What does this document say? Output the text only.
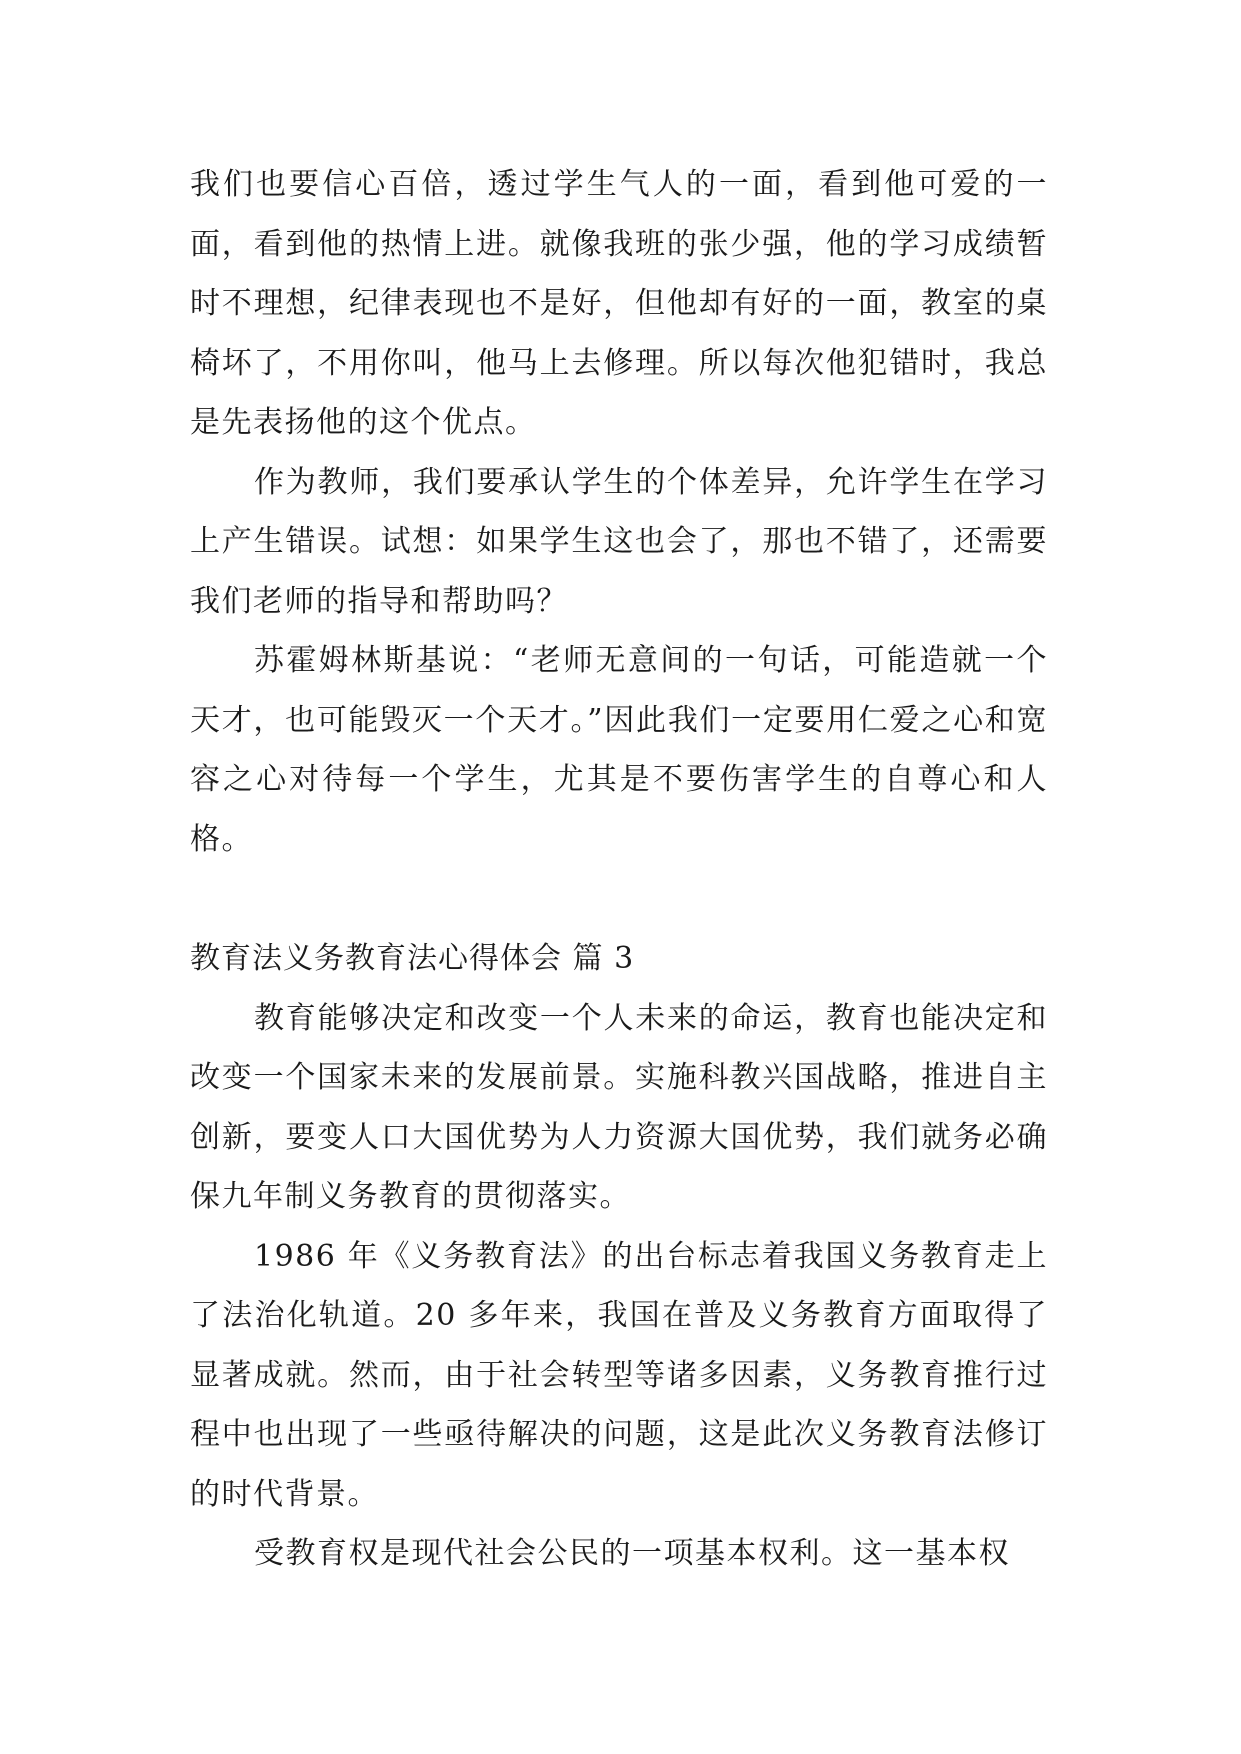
我们也要信心百倍，透过学生气人的一面，看到他可爱的一面，看到他的热情上进。就像我班的张少强，他的学习成绩暂时不理想，纪律表现也不是好，但他却有好的一面，教室的桌椅坏了，不用你叫，他马上去修理。所以每次他犯错时，我总是先表扬他的这个优点。

作为教师，我们要承认学生的个体差异，允许学生在学习上产生错误。试想：如果学生这也会了，那也不错了，还需要我们老师的指导和帮助吗？

苏霍姆林斯基说：“老师无意间的一句话，可能造就一个天才，也可能毁灭一个天才。”因此我们一定要用仁爱之心和宽容之心对待每一个学生，尤其是不要伤害学生的自尊心和人格。

教育法义务教育法心得体会 篇 3

教育能够决定和改变一个人未来的命运，教育也能决定和改变一个国家未来的发展前景。实施科教兴国战略，推进自主创新，要变人口大国优势为人力资源大国优势，我们就务必确保九年制义务教育的贯彻落实。

1986 年《义务教育法》的出台标志着我国义务教育走上了法治化轨道。20 多年来，我国在普及义务教育方面取得了显著成就。然而，由于社会转型等诸多因素，义务教育推行过程中也出现了一些亟待解决的问题，这是此次义务教育法修订的时代背景。

受教育权是现代社会公民的一项基本权利。这一基本权
